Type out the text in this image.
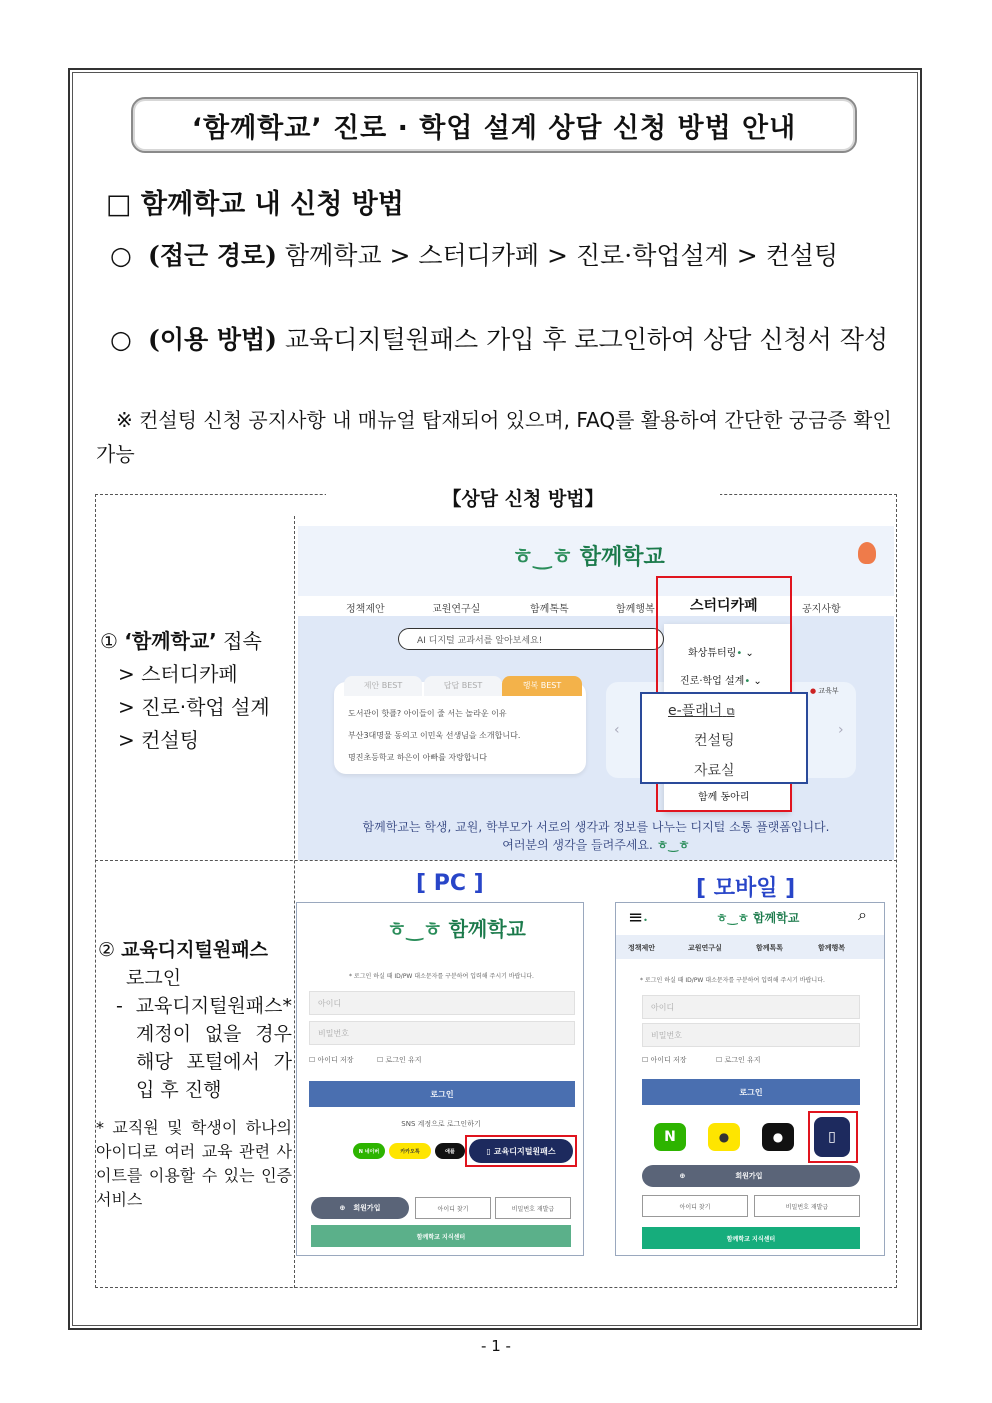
‘함께학교’ 진로 · 학업 설계 상담 신청 방법 안내
□ 함께학교 내 신청 방법
○ (접근 경로) 함께학교 > 스터디카페 > 진로·학업설계 > 컨설팅
○ (이용 방법) 교육디지털원패스 가입 후 로그인하여 상담 신청서 작성
※ 컨설팅 신청 공지사항 내 매뉴얼 탑재되어 있으며, FAQ를 활용하여 간단한 궁금증 확인 가능
【상담 신청 방법】
① ‘함께학교’ 접속
> 스터디카페
> 진로·학업 설계
> 컨설팅
ㅎ‿ㅎ 함께학교
정책제안	교원연구실	함께톡톡	함께행복	스터디카페	공지사항
AI 디지털 교과서를 알아보세요!
제안 BEST	답답 BEST	행복 BEST
도서관이 핫플? 아이들이 줄 서는 놀라운 이유
부산3대명물 동의고 이민욱 선생님을 소개합니다.
명진초등학교 하은이 아빠를 자랑합니다
›
‹
● 교육부
화상튜터링• ⌄
진로·학업 설계• ⌄
함께 동아리
e-플래너 ⧉
컨설팅
자료실
함께학교는 학생, 교원, 학부모가 서로의 생각과 정보를 나누는 디지털 소통 플랫폼입니다.
여러분의 생각을 들려주세요. ㅎ‿ㅎ
② 교육디지털원패스
로그인
- 교육디지털원패스* 계정이 없을 경우 해당 포털에서 가입 후 진행
* 교직원 및 학생이 하나의 아이디로 여러 교육 관련 사이트를 이용할 수 있는 인증 서비스
[ PC ]	[ 모바일 ]
ㅎ‿ㅎ 함께학교
* 로그인 하실 때 ID/PW 대소문자를 구분하여 입력해 주시기 바랍니다.
아이디
비밀번호
☐ 아이디 저장	☐ 로그인 유지
로그인
SNS 계정으로 로그인하기
N 네이버	카카오톡	애플	▯ 교육디지털원패스
⊕ 회원가입	아이디 찾기	비밀번호 재발급
함께학교 지식센터
≡•	ㅎ‿ㅎ 함께학교	⌕
정책제안	교원연구실	함께톡톡	함께행복
* 로그인 하실 때 ID/PW 대소문자를 구분하여 입력해 주시기 바랍니다.
아이디
비밀번호
☐ 아이디 저장	☐ 로그인 유지
로그인
N	●	●	▯
⊕	회원가입
아이디 찾기	비밀번호 재발급
함께학교 지식센터
- 1 -
